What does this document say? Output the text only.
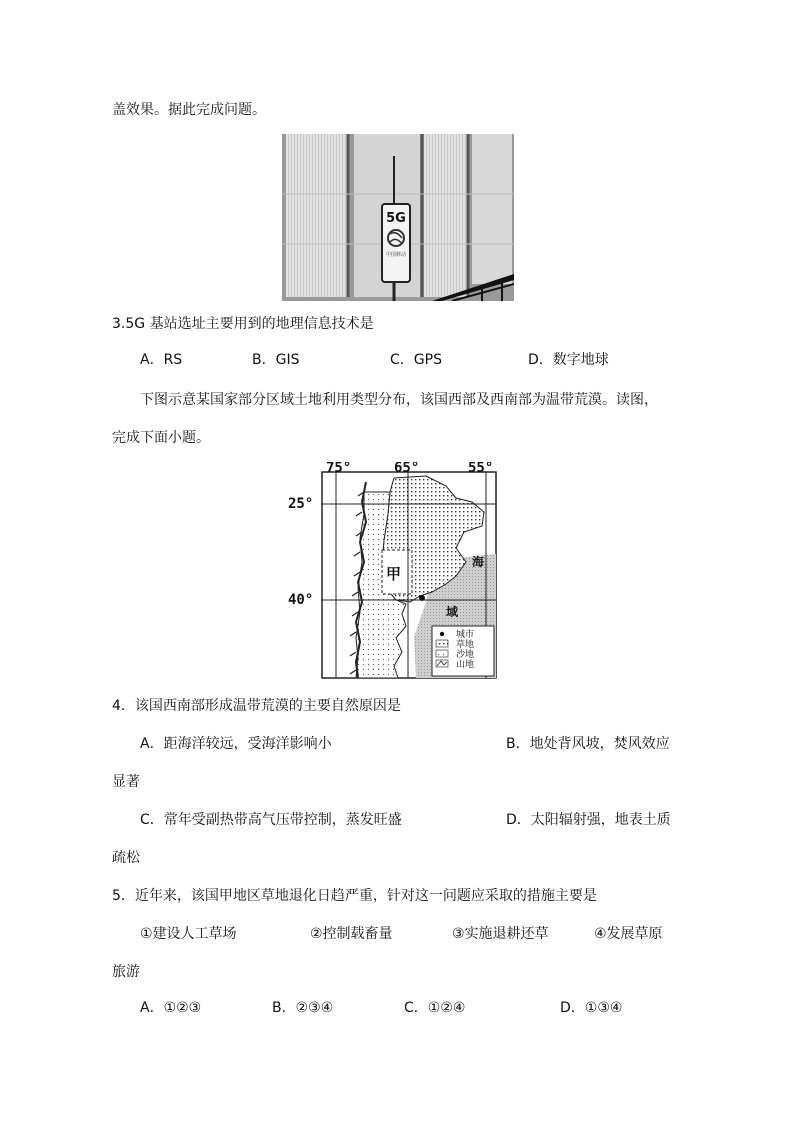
盖效果。据此完成问题。
5G
中国移动
3.5G 基站选址主要用到的地理信息技术是
A．RS	B．GIS	C．GPS	D．数字地球
下图示意某国家部分区域土地利用类型分布，该国西部及西南部为温带荒漠。读图，
完成下面小题。
75°	65°	55°
25°
40°
甲
海
域
城市
草地
沙地
山地
4．该国西南部形成温带荒漠的主要自然原因是
A．距海洋较远，受海洋影响小	B．地处背风坡，焚风效应
显著
C．常年受副热带高气压带控制，蒸发旺盛	D．太阳辐射强，地表土质
疏松
5．近年来，该国甲地区草地退化日趋严重，针对这一问题应采取的措施主要是
①建设人工草场	②控制载畜量	③实施退耕还草	④发展草原
旅游
A．①②③	B．②③④	C．①②④	D．①③④
